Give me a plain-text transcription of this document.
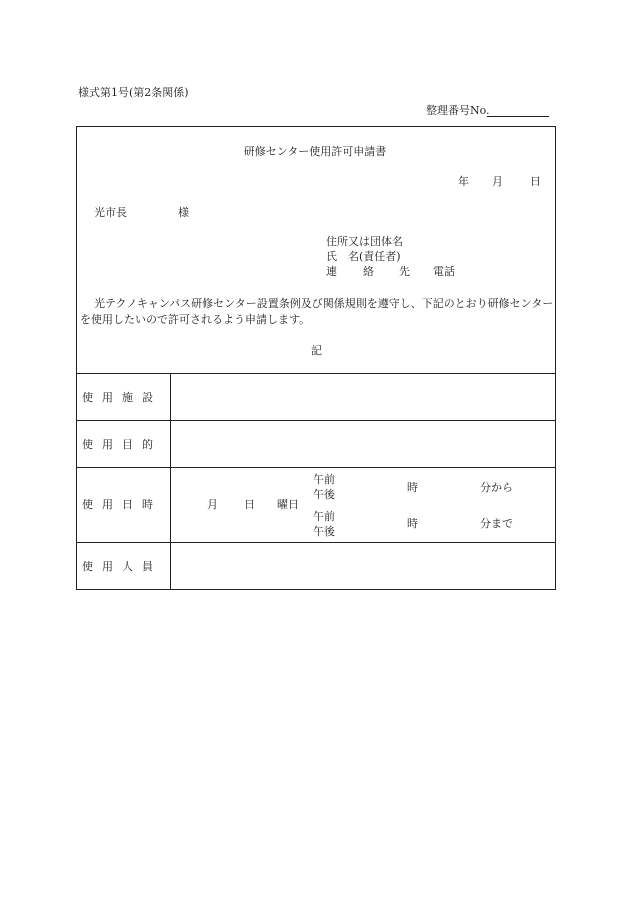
様式第1号(第2条関係)
整理番号No.
研修センター使用許可申請書
年 月 日
光市長	様
住所又は団体名
氏　名(責任者)
連 絡 先 電話
光テクノキャンパス研修センター設置条例及び関係規則を遵守し、下記のとおり研修センターを使用したいので許可されるよう申請します。
記
使 用 施 設
使 用 目 的
使 用 日 時	月 日 曜日
午前
午後
時	分から
午前
午後
時	分まで
使 用 人 員
